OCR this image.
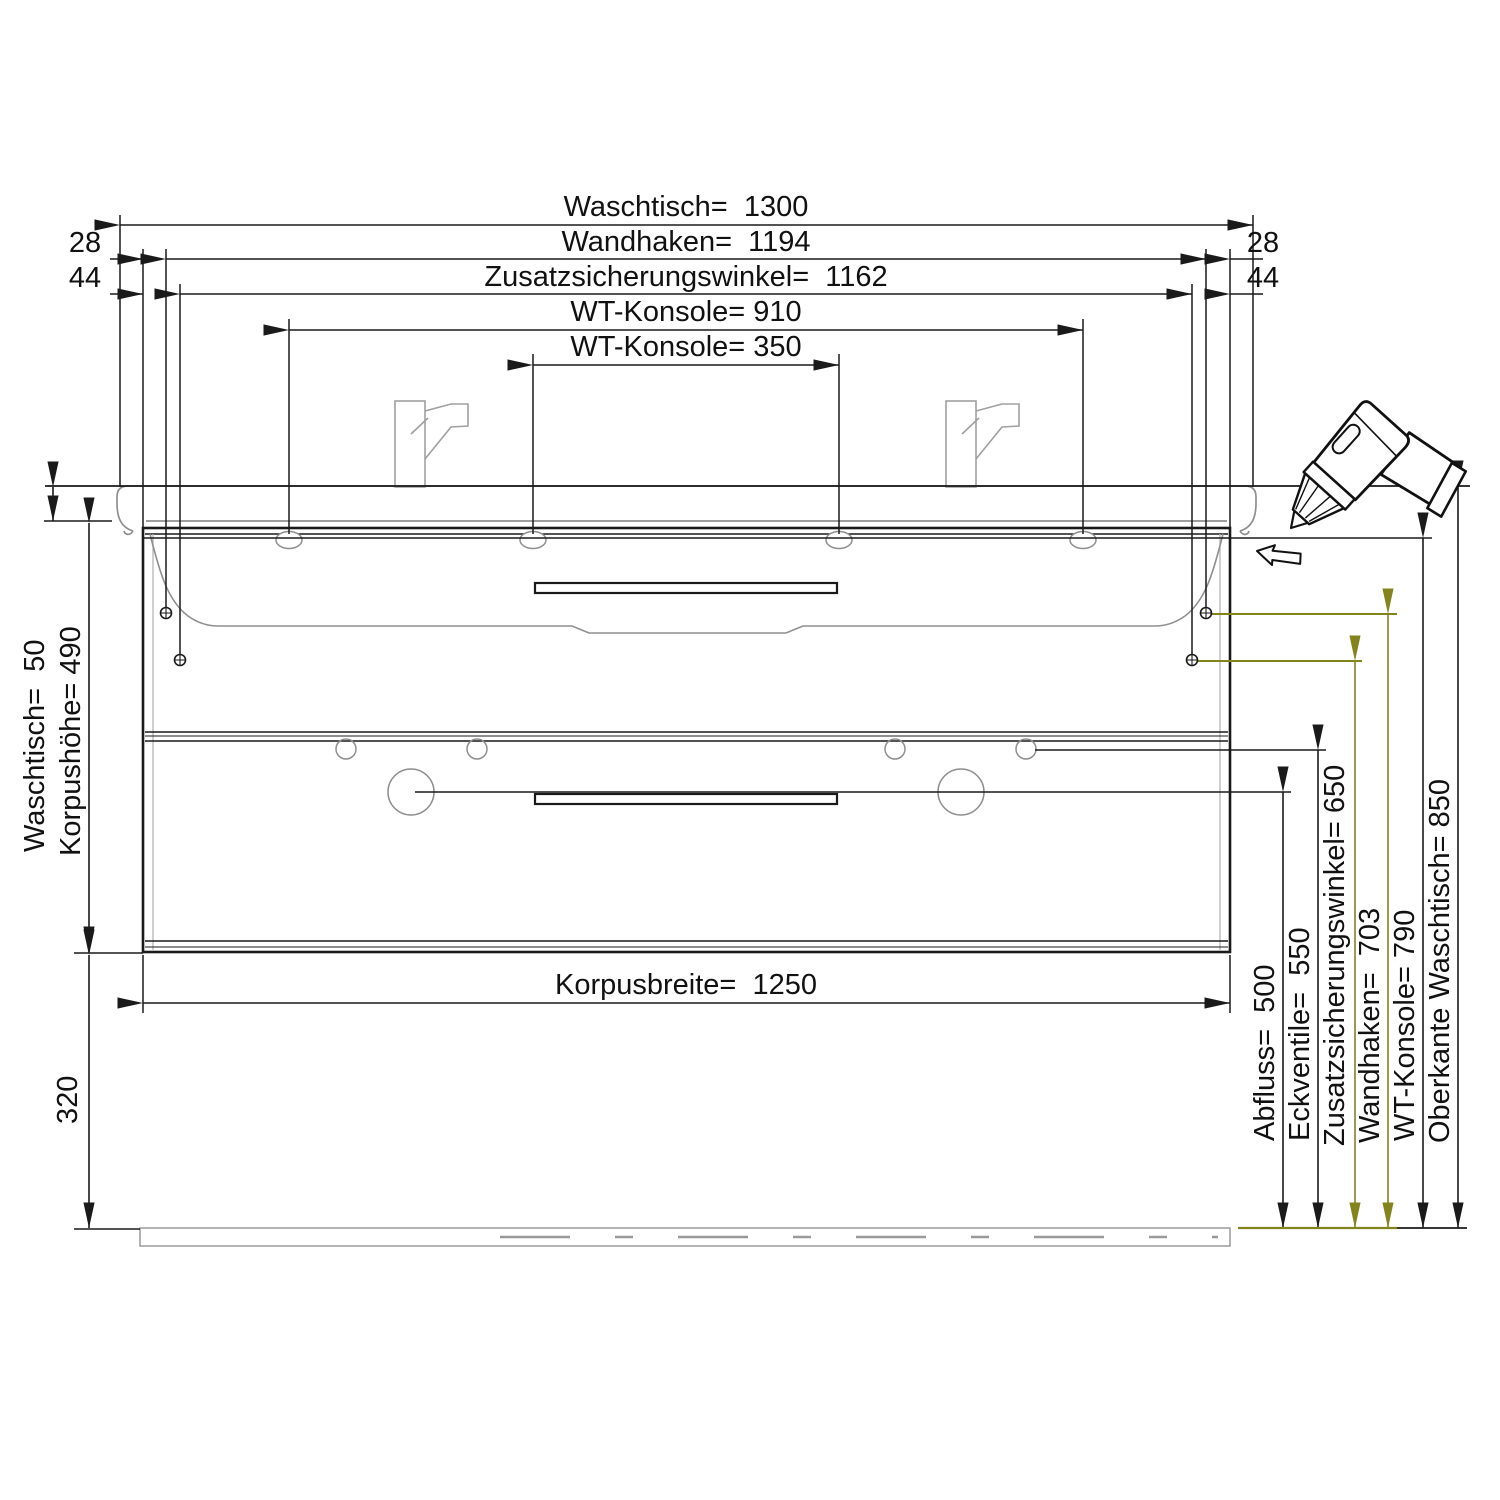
Waschtisch=  1300
Wandhaken=  1194
Zusatzsicherungswinkel=  1162
WT-Konsole= 910
WT-Konsole= 350
28
44
28
44
Waschtisch=  50 Korpushöhe= 490
320
Korpusbreite=  1250	Abfluss=  500 Eckventile=  550 Zusatzsicherungswinkel= 650 Wandhaken=  703 WT-Konsole= 790 Oberkante Waschtisch= 850
